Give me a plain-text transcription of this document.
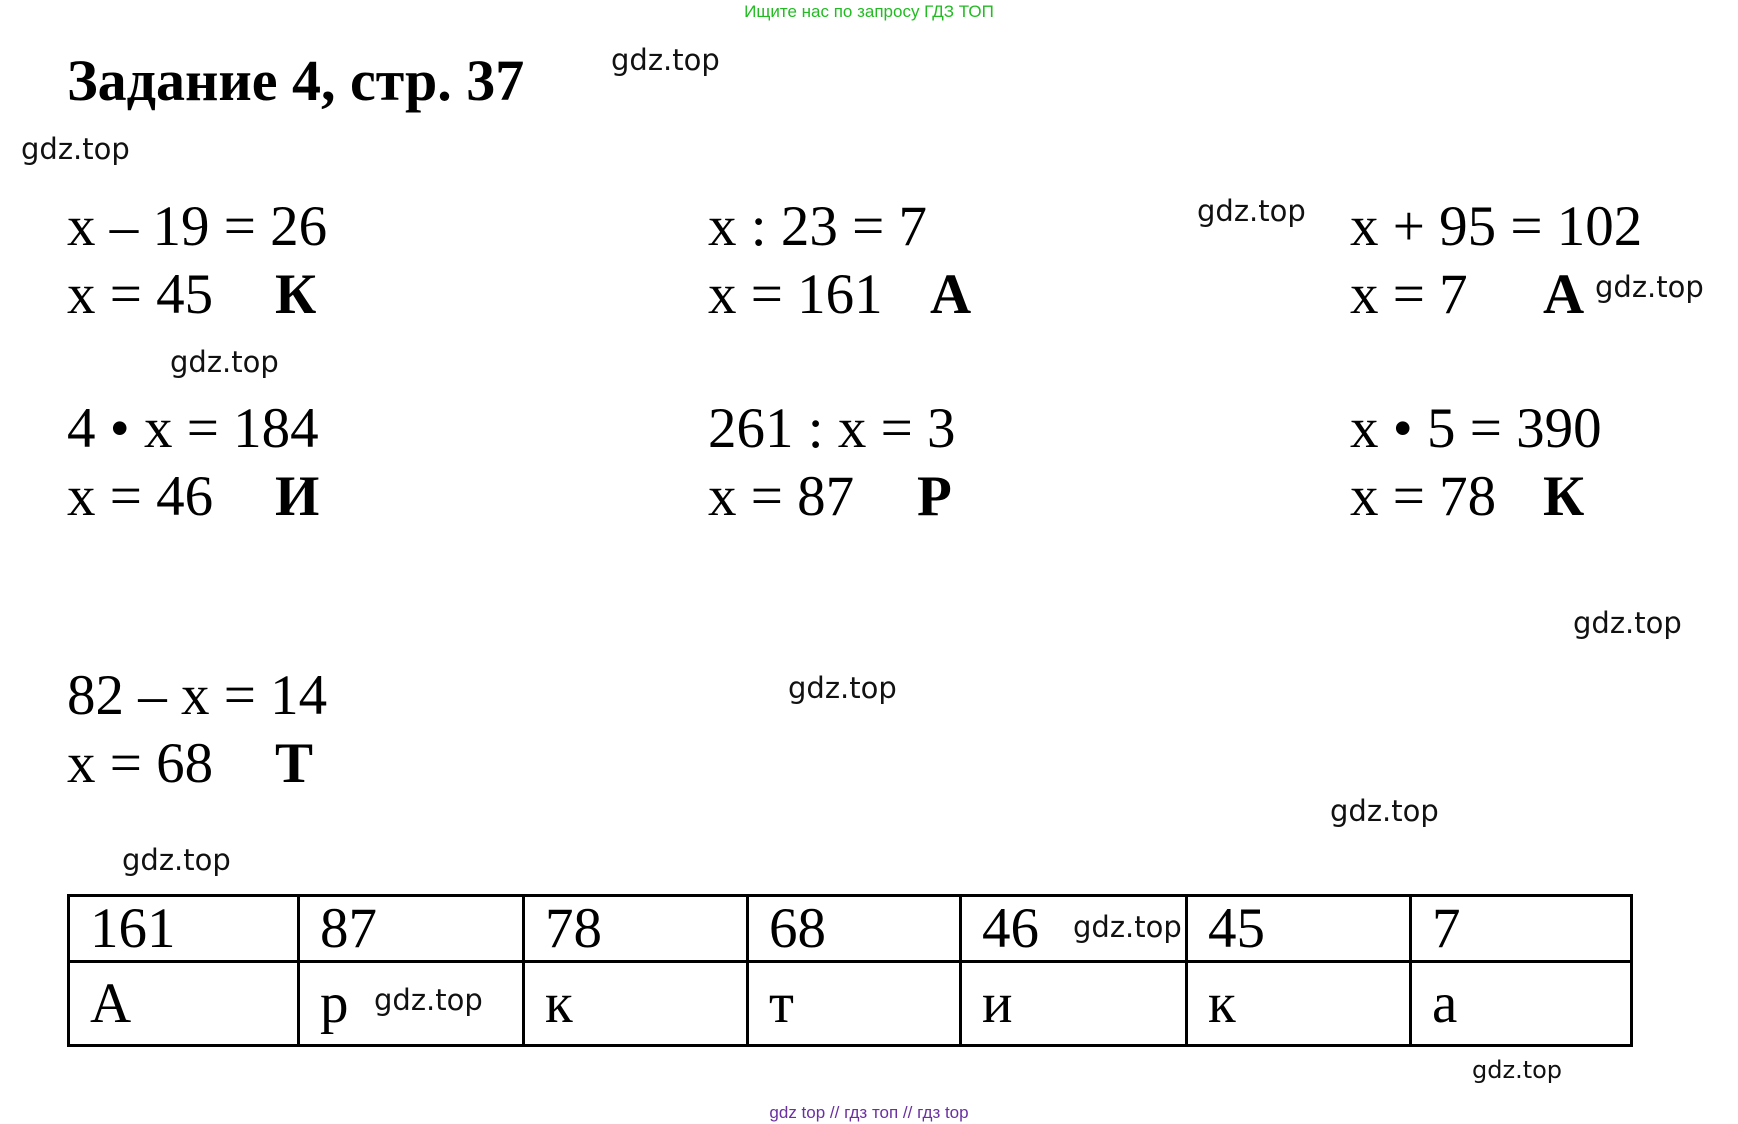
Ищите нас по запросу ГДЗ ТОП
Задание 4, стр. 37	gdz.top
gdz.top
gdz.top
gdz.top
gdz.top
gdz.top
gdz.top
gdz.top
gdz.top
gdz.top
gdz.top
gdz.top
x – 19 = 26
x = 45 К
x : 23 = 7
x = 161 А
x + 95 = 102
x = 7 А
4 • x = 184
x = 46 И
261 : x = 3
x = 87 Р
x • 5 = 390
x = 78 К
82 – x = 14
x = 68 Т
161	87	78	68	46	45	7
А	р	к	т	и	к	а
gdz top // гдз топ // гдз top
